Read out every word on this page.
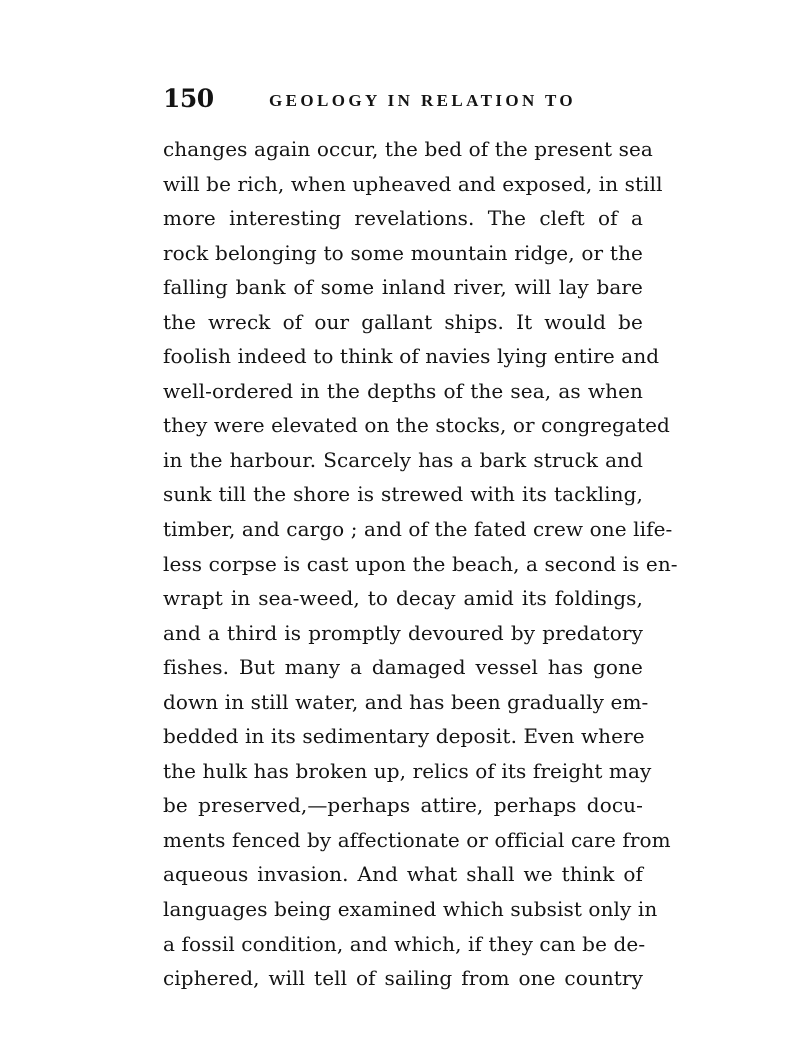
150	GEOLOGY IN RELATION TO
changes again occur, the bed of the present sea
will be rich, when upheaved and exposed, in still
more interesting revelations. The cleft of a
rock belonging to some mountain ridge, or the
falling bank of some inland river, will lay bare
the wreck of our gallant ships. It would be
foolish indeed to think of navies lying entire and
well-ordered in the depths of the sea, as when
they were elevated on the stocks, or congregated
in the harbour. Scarcely has a bark struck and
sunk till the shore is strewed with its tackling,
timber, and cargo ; and of the fated crew one life-
less corpse is cast upon the beach, a second is en-
wrapt in sea-weed, to decay amid its foldings,
and a third is promptly devoured by predatory
fishes. But many a damaged vessel has gone
down in still water, and has been gradually em-
bedded in its sedimentary deposit. Even where
the hulk has broken up, relics of its freight may
be preserved,—perhaps attire, perhaps docu-
ments fenced by affectionate or official care from
aqueous invasion. And what shall we think of
languages being examined which subsist only in
a fossil condition, and which, if they can be de-
ciphered, will tell of sailing from one country
